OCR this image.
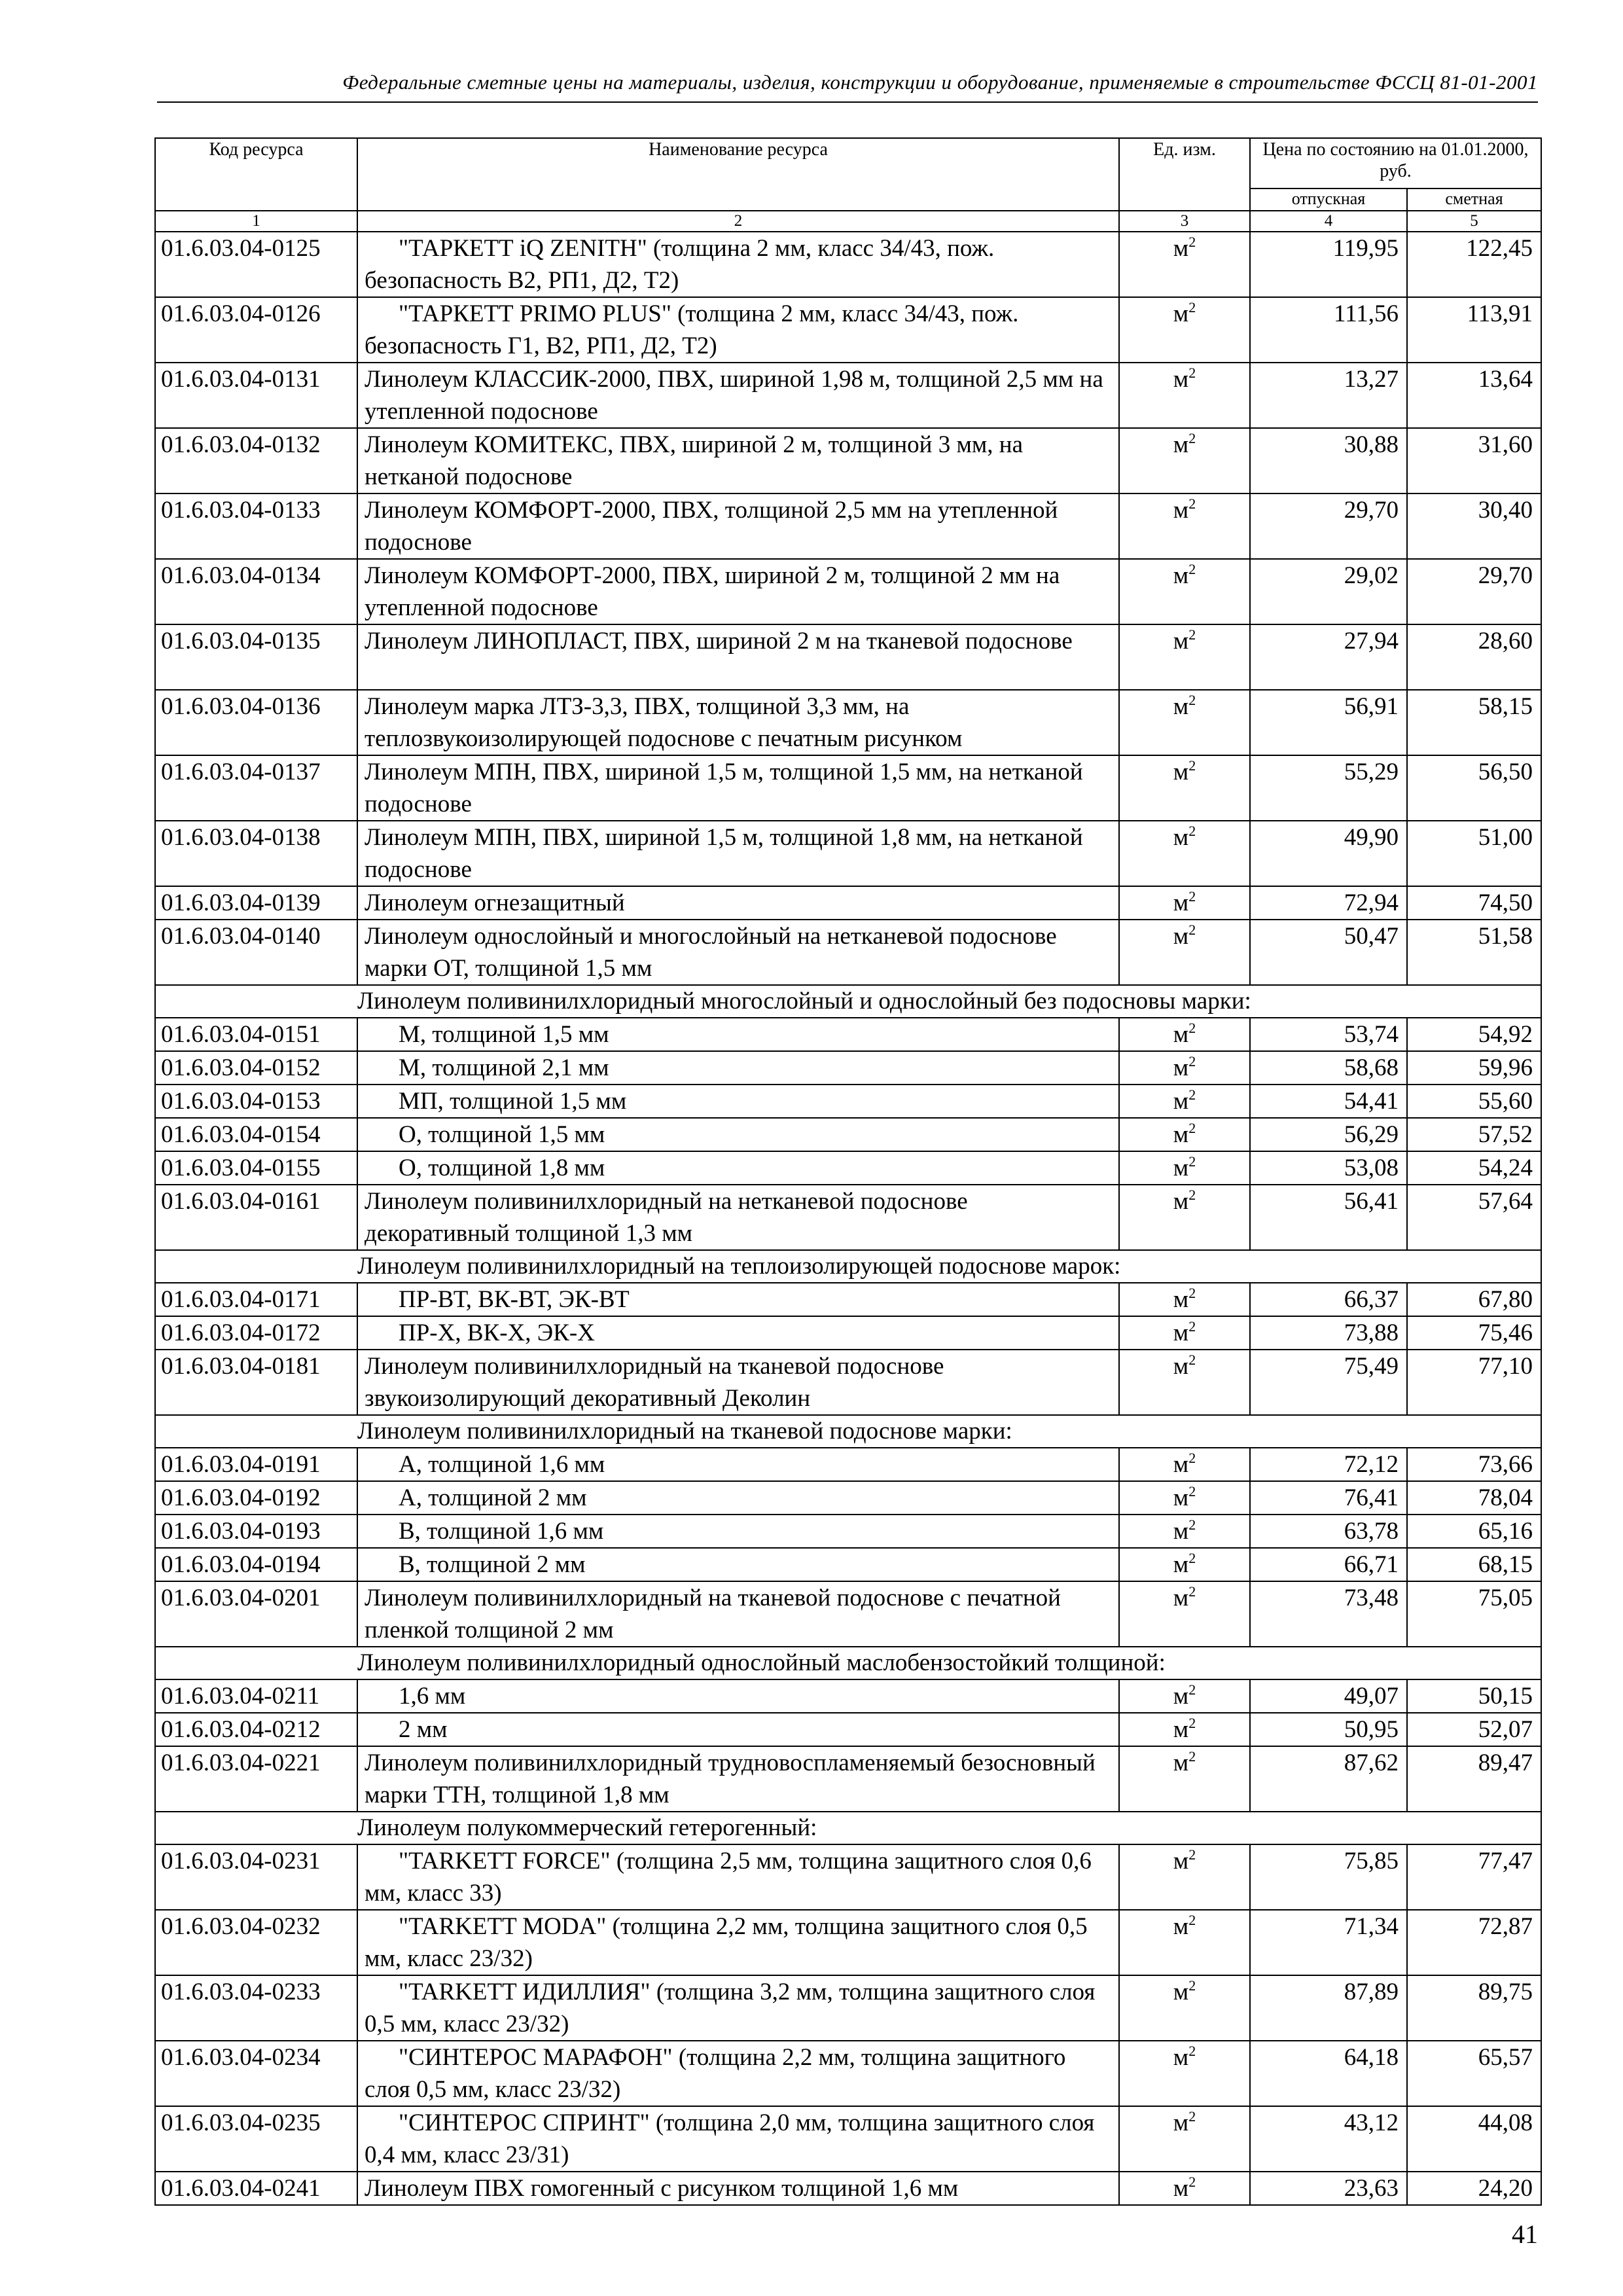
Федеральные сметные цены на материалы, изделия, конструкции и оборудование, применяемые в строительстве ФССЦ 81-01-2001
Код ресурса	Наименование ресурса	Ед. изм.	Цена по состоянию на 01.01.2000, руб.	
			отпускная	сметная
1	2	3	4	5
01.6.03.04-0125	"ТАРКЕТТ iQ ZENITH" (толщина 2 мм, класс 34/43, пож. безопасность В2, РП1, Д2, Т2)	$м^2$	119,95	122,45
01.6.03.04-0126	"ТАРКЕТТ PRIMO PLUS" (толщина 2 мм, класс 34/43, пож. безопасность Г1, В2, РП1, Д2, Т2)	$м^2$	111,56	113,91
01.6.03.04-0131	Линолеум КЛАССИК-2000, ПВХ, шириной 1,98 м, толщиной 2,5 мм на утепленной подоснове	$м^2$	13,27	13,64
01.6.03.04-0132	Линолеум КОМИТЕКС, ПВХ, шириной 2 м, толщиной 3 мм, на нетканой подоснове	$м^2$	30,88	31,60
01.6.03.04-0133	Линолеум КОМФОРТ-2000, ПВХ, толщиной 2,5 мм на утепленной подоснове	$м^2$	29,70	30,40
01.6.03.04-0134	Линолеум КОМФОРТ-2000, ПВХ, шириной 2 м, толщиной 2 мм на утепленной подоснове	$м^2$	29,02	29,70
01.6.03.04-0135	Линолеум ЛИНОПЛАСТ, ПВХ, шириной 2 м на тканевой подоснове	$м^2$	27,94	28,60
01.6.03.04-0136	Линолеум марка ЛТЗ-3,3, ПВХ, толщиной 3,3 мм, на теплозвукоизолирующей подоснове с печатным рисунком	$м^2$	56,91	58,15
01.6.03.04-0137	Линолеум МПН, ПВХ, шириной 1,5 м, толщиной 1,5 мм, на нетканой подоснове	$м^2$	55,29	56,50
01.6.03.04-0138	Линолеум МПН, ПВХ, шириной 1,5 м, толщиной 1,8 мм, на нетканой подоснове	$м^2$	49,90	51,00
01.6.03.04-0139	Линолеум огнезащитный	$м^2$	72,94	74,50
01.6.03.04-0140	Линолеум однослойный и многослойный на нетканевой подоснове марки ОТ, толщиной 1,5 мм	$м^2$	50,47	51,58
Линолеум поливинилхлоридный многослойный и однослойный без подосновы марки:				
01.6.03.04-0151	М, толщиной 1,5 мм	$м^2$	53,74	54,92
01.6.03.04-0152	М, толщиной 2,1 мм	$м^2$	58,68	59,96
01.6.03.04-0153	МП, толщиной 1,5 мм	$м^2$	54,41	55,60
01.6.03.04-0154	О, толщиной 1,5 мм	$м^2$	56,29	57,52
01.6.03.04-0155	О, толщиной 1,8 мм	$м^2$	53,08	54,24
01.6.03.04-0161	Линолеум поливинилхлоридный на нетканевой подоснове декоративный толщиной 1,3 мм	$м^2$	56,41	57,64
Линолеум поливинилхлоридный на теплоизолирующей подоснове марок:				
01.6.03.04-0171	ПР-ВТ, ВК-ВТ, ЭК-ВТ	$м^2$	66,37	67,80
01.6.03.04-0172	ПР-Х, ВК-Х, ЭК-Х	$м^2$	73,88	75,46
01.6.03.04-0181	Линолеум поливинилхлоридный на тканевой подоснове звукоизолирующий декоративный Деколин	$м^2$	75,49	77,10
Линолеум поливинилхлоридный на тканевой подоснове марки:				
01.6.03.04-0191	А, толщиной 1,6 мм	$м^2$	72,12	73,66
01.6.03.04-0192	А, толщиной 2 мм	$м^2$	76,41	78,04
01.6.03.04-0193	В, толщиной 1,6 мм	$м^2$	63,78	65,16
01.6.03.04-0194	В, толщиной 2 мм	$м^2$	66,71	68,15
01.6.03.04-0201	Линолеум поливинилхлоридный на тканевой подоснове с печатной пленкой толщиной 2 мм	$м^2$	73,48	75,05
Линолеум поливинилхлоридный однослойный маслобензостойкий толщиной:				
01.6.03.04-0211	1,6 мм	$м^2$	49,07	50,15
01.6.03.04-0212	2 мм	$м^2$	50,95	52,07
01.6.03.04-0221	Линолеум поливинилхлоридный трудновоспламеняемый безосновный марки ТТН, толщиной 1,8 мм	$м^2$	87,62	89,47
Линолеум полукоммерческий гетерогенный:				
01.6.03.04-0231	"TARKETT FORCE" (толщина 2,5 мм, толщина защитного слоя 0,6 мм, класс 33)	$м^2$	75,85	77,47
01.6.03.04-0232	"TARKETT MODA" (толщина 2,2 мм, толщина защитного слоя 0,5 мм, класс 23/32)	$м^2$	71,34	72,87
01.6.03.04-0233	"TARKETT ИДИЛЛИЯ" (толщина 3,2 мм, толщина защитного слоя 0,5 мм, класс 23/32)	$м^2$	87,89	89,75
01.6.03.04-0234	"СИНТЕРОС МАРАФОН" (толщина 2,2 мм, толщина защитного слоя 0,5 мм, класс 23/32)	$м^2$	64,18	65,57
01.6.03.04-0235	"СИНТЕРОС СПРИНТ" (толщина 2,0 мм, толщина защитного слоя 0,4 мм, класс 23/31)	$м^2$	43,12	44,08
01.6.03.04-0241	Линолеум ПВХ гомогенный с рисунком толщиной 1,6 мм	$м^2$	23,63	24,20
41
